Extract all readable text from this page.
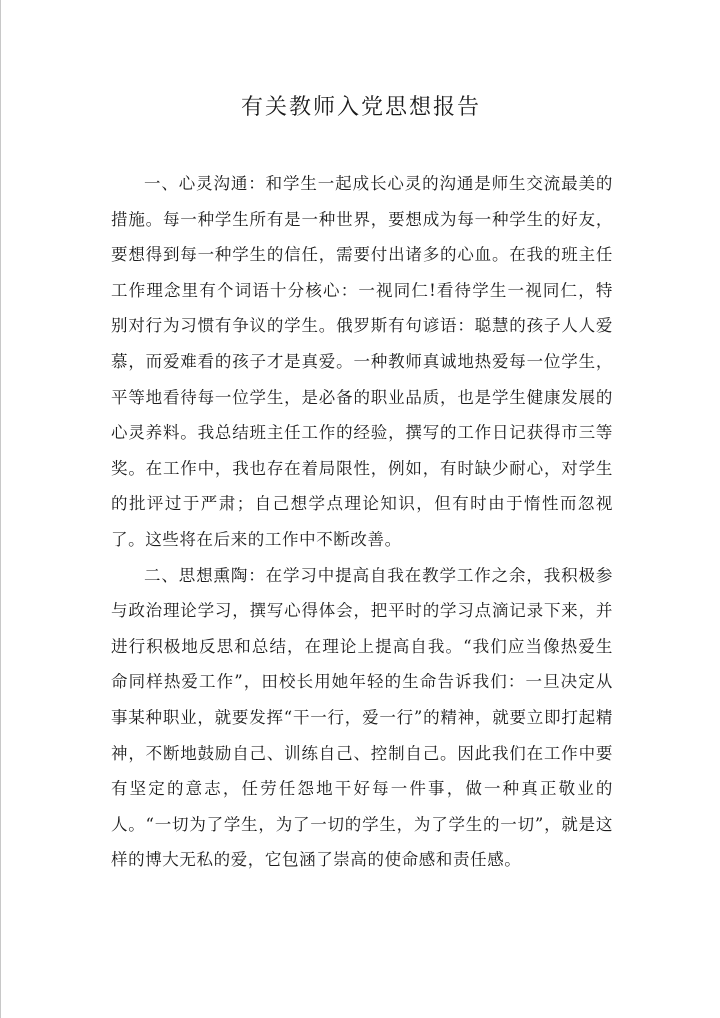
有关教师入党思想报告

一、心灵沟通：和学生一起成长心灵的沟通是师生交流最美的措施。每一种学生所有是一种世界，要想成为每一种学生的好友，要想得到每一种学生的信任，需要付出诸多的心血。在我的班主任工作理念里有个词语十分核心：一视同仁!看待学生一视同仁，特别对行为习惯有争议的学生。俄罗斯有句谚语：聪慧的孩子人人爱慕，而爱难看的孩子才是真爱。一种教师真诚地热爱每一位学生，平等地看待每一位学生，是必备的职业品质，也是学生健康发展的心灵养料。我总结班主任工作的经验，撰写的工作日记获得市三等奖。在工作中，我也存在着局限性，例如，有时缺少耐心，对学生的批评过于严肃；自己想学点理论知识，但有时由于惰性而忽视了。这些将在后来的工作中不断改善。

二、思想熏陶：在学习中提高自我在教学工作之余，我积极参与政治理论学习，撰写心得体会，把平时的学习点滴记录下来，并进行积极地反思和总结，在理论上提高自我。“我们应当像热爱生命同样热爱工作”，田校长用她年轻的生命告诉我们：一旦决定从事某种职业，就要发挥“干一行，爱一行”的精神，就要立即打起精神，不断地鼓励自己、训练自己、控制自己。因此我们在工作中要有坚定的意志，任劳任怨地干好每一件事，做一种真正敬业的人。“一切为了学生，为了一切的学生，为了学生的一切”，就是这样的博大无私的爱，它包涵了崇高的使命感和责任感。
